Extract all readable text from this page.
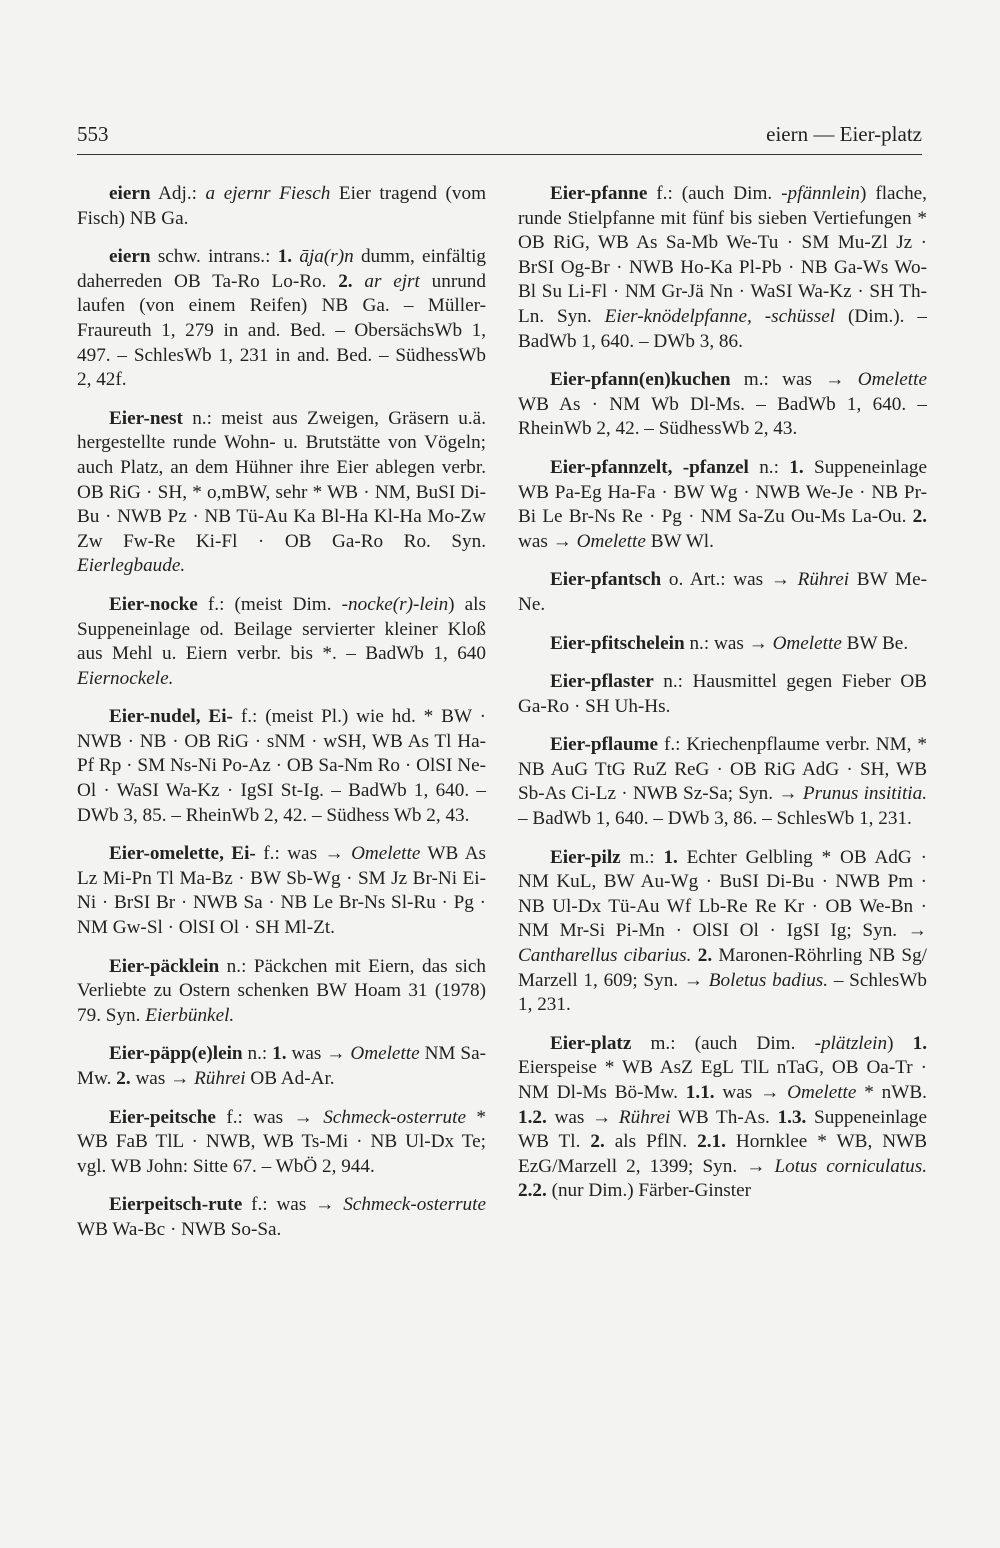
553	eiern — Eier-platz

eiern Adj.: a ejernr Fiesch Eier tragend (vom Fisch) NB Ga.

eiern schw. intrans.: 1. ā̜ja(r)n dumm, einfältig daherreden OB Ta-Ro Lo-Ro. 2. ar ejrt unrund laufen (von einem Reifen) NB Ga. – Müller-Fraureuth 1, 279 in and. Bed. – ObersächsWb 1, 497. – SchlesWb 1, 231 in and. Bed. – SüdhessWb 2, 42f.

Eier-nest n.: meist aus Zweigen, Gräsern u.ä. hergestellte runde Wohn- u. Brutstätte von Vögeln; auch Platz, an dem Hühner ihre Eier ablegen verbr. OB RiG · SH, * o,mBW, sehr * WB · NM, BuSI Di-Bu · NWB Pz · NB Tü-Au Ka Bl-Ha Kl-Ha Mo-Zw Zw Fw-Re Ki-Fl · OB Ga-Ro Ro. Syn. Eierlegbaude.

Eier-nocke f.: (meist Dim. -nocke(r)-lein) als Suppeneinlage od. Beilage servierter kleiner Kloß aus Mehl u. Eiern verbr. bis *. – BadWb 1, 640 Eiernockele.

Eier-nudel, Ei- f.: (meist Pl.) wie hd. * BW · NWB · NB · OB RiG · sNM · wSH, WB As Tl Ha-Pf Rp · SM Ns-Ni Po-Az · OB Sa-Nm Ro · OlSI Ne-Ol · WaSI Wa-Kz · IgSI St-Ig. – BadWb 1, 640. – DWb 3, 85. – RheinWb 2, 42. – Südhess Wb 2, 43.

Eier-omelette, Ei- f.: was → Omelette WB As Lz Mi-Pn Tl Ma-Bz · BW Sb-Wg · SM Jz Br-Ni Ei-Ni · BrSI Br · NWB Sa · NB Le Br-Ns Sl-Ru · Pg · NM Gw-Sl · OlSI Ol · SH Ml-Zt.

Eier-päcklein n.: Päckchen mit Eiern, das sich Verliebte zu Ostern schenken BW Hoam 31 (1978) 79. Syn. Eierbünkel.

Eier-päpp(e)lein n.: 1. was → Omelette NM Sa-Mw. 2. was → Rührei OB Ad-Ar.

Eier-peitsche f.: was → Schmeck-osterrute * WB FaB TlL · NWB, WB Ts-Mi · NB Ul-Dx Te; vgl. WB John: Sitte 67. – WbÖ 2, 944.

Eierpeitsch-rute f.: was → Schmeck-osterrute WB Wa-Bc · NWB So-Sa.

Eier-pfanne f.: (auch Dim. -pfännlein) flache, runde Stielpfanne mit fünf bis sieben Vertiefungen * OB RiG, WB As Sa-Mb We-Tu · SM Mu-Zl Jz · BrSI Og-Br · NWB Ho-Ka Pl-Pb · NB Ga-Ws Wo-Bl Su Li-Fl · NM Gr-Jä Nn · WaSI Wa-Kz · SH Th-Ln. Syn. Eier-knödelpfanne, -schüssel (Dim.). – BadWb 1, 640. – DWb 3, 86.

Eier-pfann(en)kuchen m.: was → Omelette WB As · NM Wb Dl-Ms. – BadWb 1, 640. – RheinWb 2, 42. – SüdhessWb 2, 43.

Eier-pfannzelt, -pfanzel n.: 1. Suppeneinlage WB Pa-Eg Ha-Fa · BW Wg · NWB We-Je · NB Pr-Bi Le Br-Ns Re · Pg · NM Sa-Zu Ou-Ms La-Ou. 2. was → Omelette BW Wl.

Eier-pfantsch o. Art.: was → Rührei BW Me-Ne.

Eier-pfitschelein n.: was → Omelette BW Be.

Eier-pflaster n.: Hausmittel gegen Fieber OB Ga-Ro · SH Uh-Hs.

Eier-pflaume f.: Kriechenpflaume verbr. NM, * NB AuG TtG RuZ ReG · OB RiG AdG · SH, WB Sb-As Ci-Lz · NWB Sz-Sa; Syn. → Prunus insititia. – BadWb 1, 640. – DWb 3, 86. – SchlesWb 1, 231.

Eier-pilz m.: 1. Echter Gelbling * OB AdG · NM KuL, BW Au-Wg · BuSI Di-Bu · NWB Pm · NB Ul-Dx Tü-Au Wf Lb-Re Re Kr · OB We-Bn · NM Mr-Si Pi-Mn · OlSI Ol · IgSI Ig; Syn. → Cantharellus cibarius. 2. Maronen-Röhrling NB Sg/ Marzell 1, 609; Syn. → Boletus badius. – SchlesWb 1, 231.

Eier-platz m.: (auch Dim. -plätzlein) 1. Eierspeise * WB AsZ EgL TlL nTaG, OB Oa-Tr · NM Dl-Ms Bö-Mw. 1.1. was → Omelette * nWB. 1.2. was → Rührei WB Th-As. 1.3. Suppeneinlage WB Tl. 2. als PflN. 2.1. Hornklee * WB, NWB EzG/Marzell 2, 1399; Syn. → Lotus corniculatus. 2.2. (nur Dim.) Färber-Ginster
